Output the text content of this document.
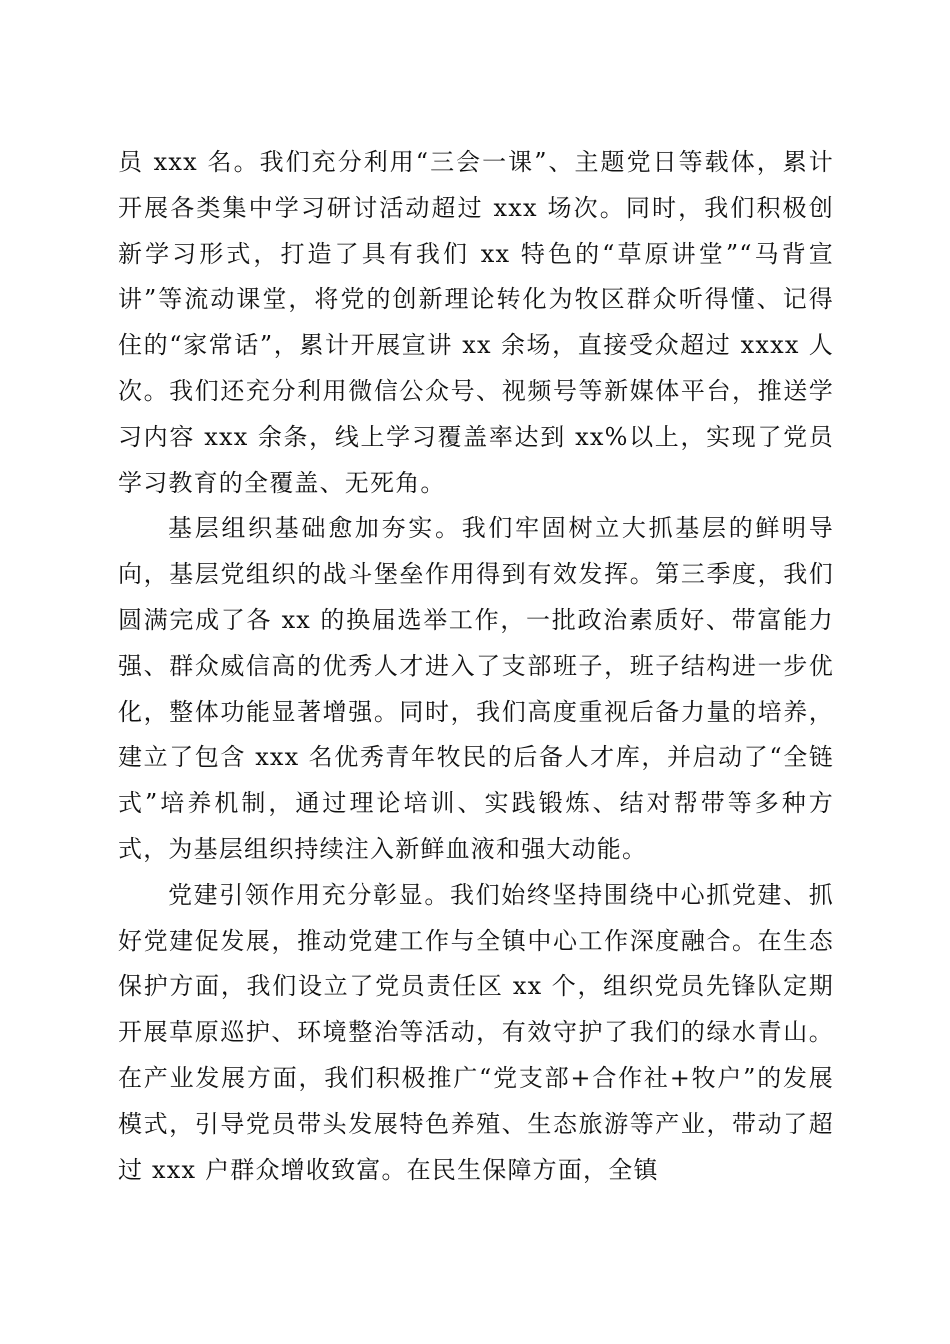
员 xxx 名。我们充分利用“三会一课”、主题党日等载体，累计开展各类集中学习研讨活动超过 xxx 场次。同时，我们积极创新学习形式，打造了具有我们 xx 特色的“草原讲堂”“马背宣讲”等流动课堂，将党的创新理论转化为牧区群众听得懂、记得住的“家常话”，累计开展宣讲 xx 余场，直接受众超过 xxxx 人次。我们还充分利用微信公众号、视频号等新媒体平台，推送学习内容 xxx 余条，线上学习覆盖率达到 xx%以上，实现了党员学习教育的全覆盖、无死角。

基层组织基础愈加夯实。我们牢固树立大抓基层的鲜明导向，基层党组织的战斗堡垒作用得到有效发挥。第三季度，我们圆满完成了各 xx 的换届选举工作，一批政治素质好、带富能力强、群众威信高的优秀人才进入了支部班子，班子结构进一步优化，整体功能显著增强。同时，我们高度重视后备力量的培养，建立了包含 xxx 名优秀青年牧民的后备人才库，并启动了“全链式”培养机制，通过理论培训、实践锻炼、结对帮带等多种方式，为基层组织持续注入新鲜血液和强大动能。

党建引领作用充分彰显。我们始终坚持围绕中心抓党建、抓好党建促发展，推动党建工作与全镇中心工作深度融合。在生态保护方面，我们设立了党员责任区 xx 个，组织党员先锋队定期开展草原巡护、环境整治等活动，有效守护了我们的绿水青山。在产业发展方面，我们积极推广“党支部+合作社+牧户”的发展模式，引导党员带头发展特色养殖、生态旅游等产业，带动了超过 xxx 户群众增收致富。在民生保障方面，全镇
